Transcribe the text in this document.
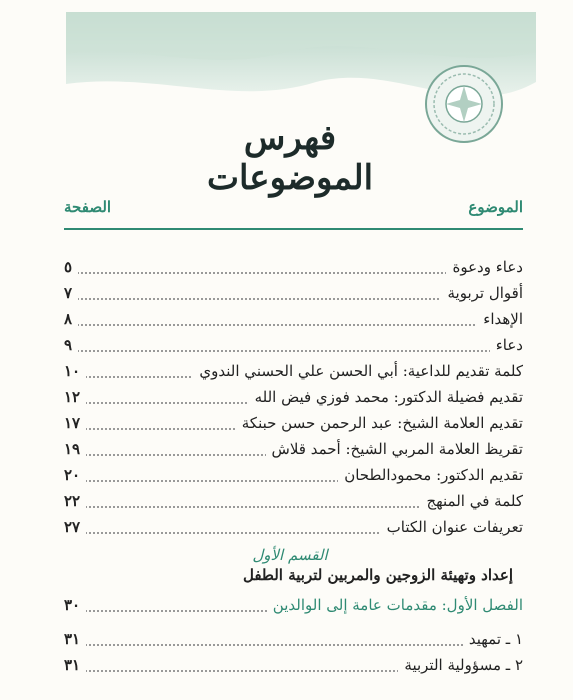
فهرس الموضوعات
الموضوع
الصفحة
دعاء ودعوة
٥
أقوال تربوية
٧
الإهداء
٨
دعاء
٩
كلمة تقديم للداعية: أبي الحسن علي الحسني الندوي
١٠
تقديم فضيلة الدكتور: محمد فوزي فيض الله
١٢
تقديم العلامة الشيخ: عبد الرحمن حسن حبنكة
١٧
تقريظ العلامة المربي الشيخ: أحمد قلاش
١٩
تقديم الدكتور: محمودالطحان
٢٠
كلمة في المنهج
٢٢
تعريفات عنوان الكتاب
٢٧
القسم الأول
إعداد وتهيئة الزوجين والمربين لتربية الطفل
الفصل الأول: مقدمات عامة إلى الوالدين
٣٠
١ ـ تمهيد
٣١
٢ ـ مسؤولية التربية
٣١
